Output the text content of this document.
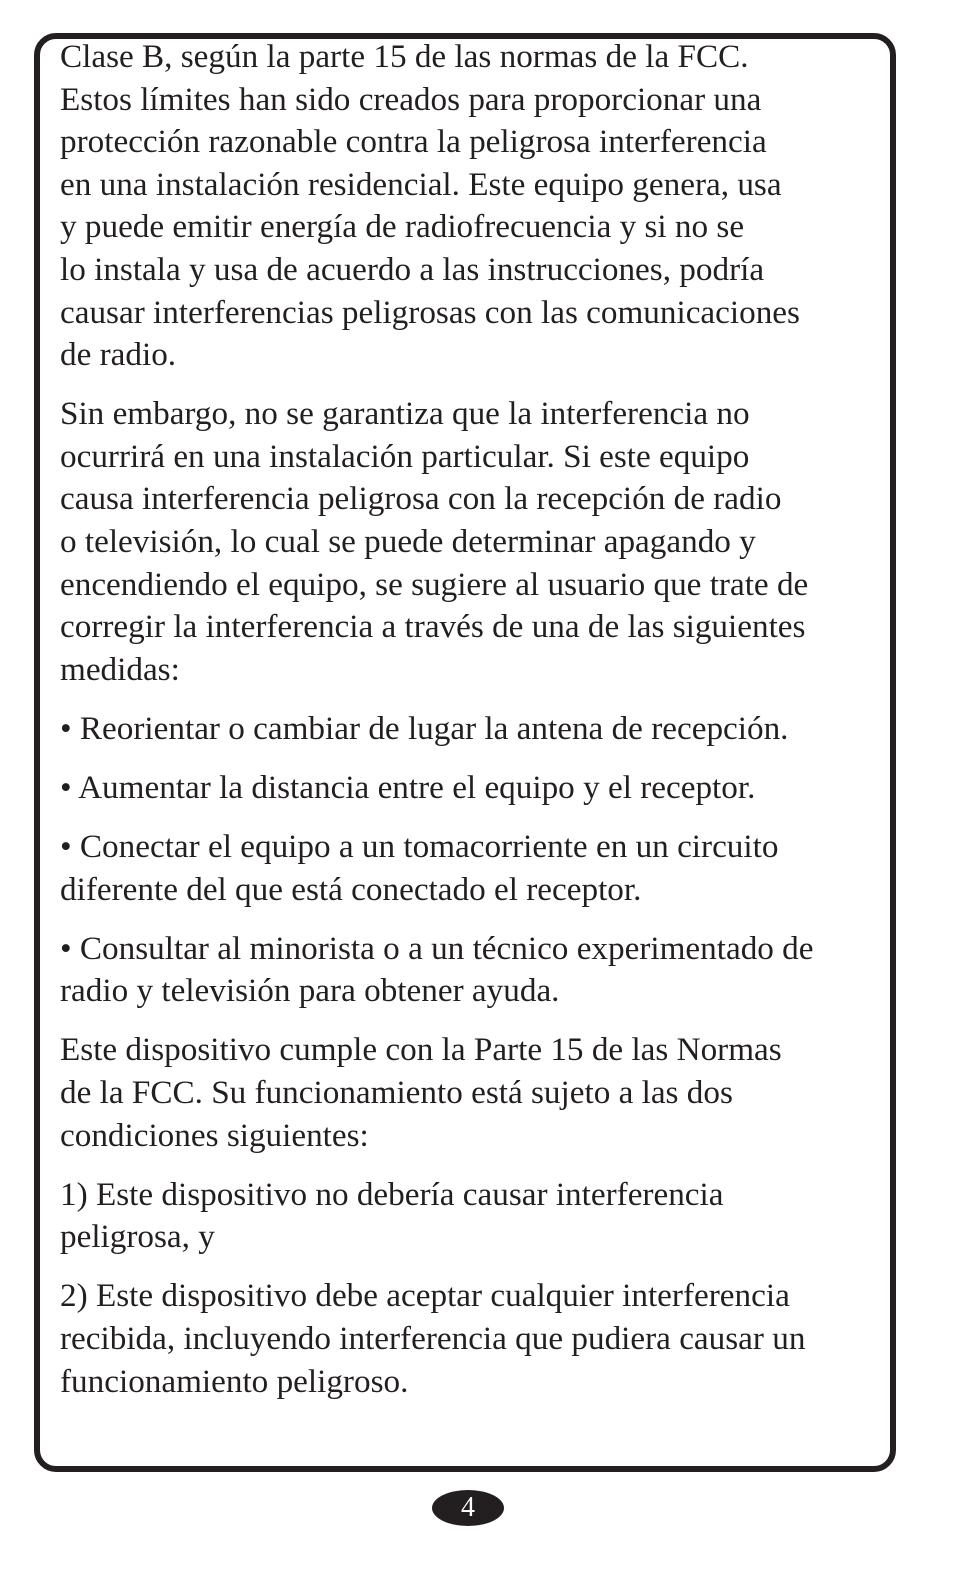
Clase B, según la parte 15 de las normas de la FCC.
Estos límites han sido creados para proporcionar una
protección razonable contra la peligrosa interferencia
en una instalación residencial. Este equipo genera, usa
y puede emitir energía de radiofrecuencia y si no se
lo instala y usa de acuerdo a las instrucciones, podría
causar interferencias peligrosas con las comunicaciones
de radio.

Sin embargo, no se garantiza que la interferencia no
ocurrirá en una instalación particular. Si este equipo
causa interferencia peligrosa con la recepción de radio
o televisión, lo cual se puede determinar apagando y
encendiendo el equipo, se sugiere al usuario que trate de
corregir la interferencia a través de una de las siguientes
medidas:

• Reorientar o cambiar de lugar la antena de recepción.

• Aumentar la distancia entre el equipo y el receptor.

• Conectar el equipo a un tomacorriente en un circuito
diferente del que está conectado el receptor.

• Consultar al minorista o a un técnico experimentado de
radio y televisión para obtener ayuda.

Este dispositivo cumple con la Parte 15 de las Normas
de la FCC. Su funcionamiento está sujeto a las dos
condiciones siguientes:

1) Este dispositivo no debería causar interferencia
peligrosa, y

2) Este dispositivo debe aceptar cualquier interferencia
recibida, incluyendo interferencia que pudiera causar un
funcionamiento peligroso.

4
